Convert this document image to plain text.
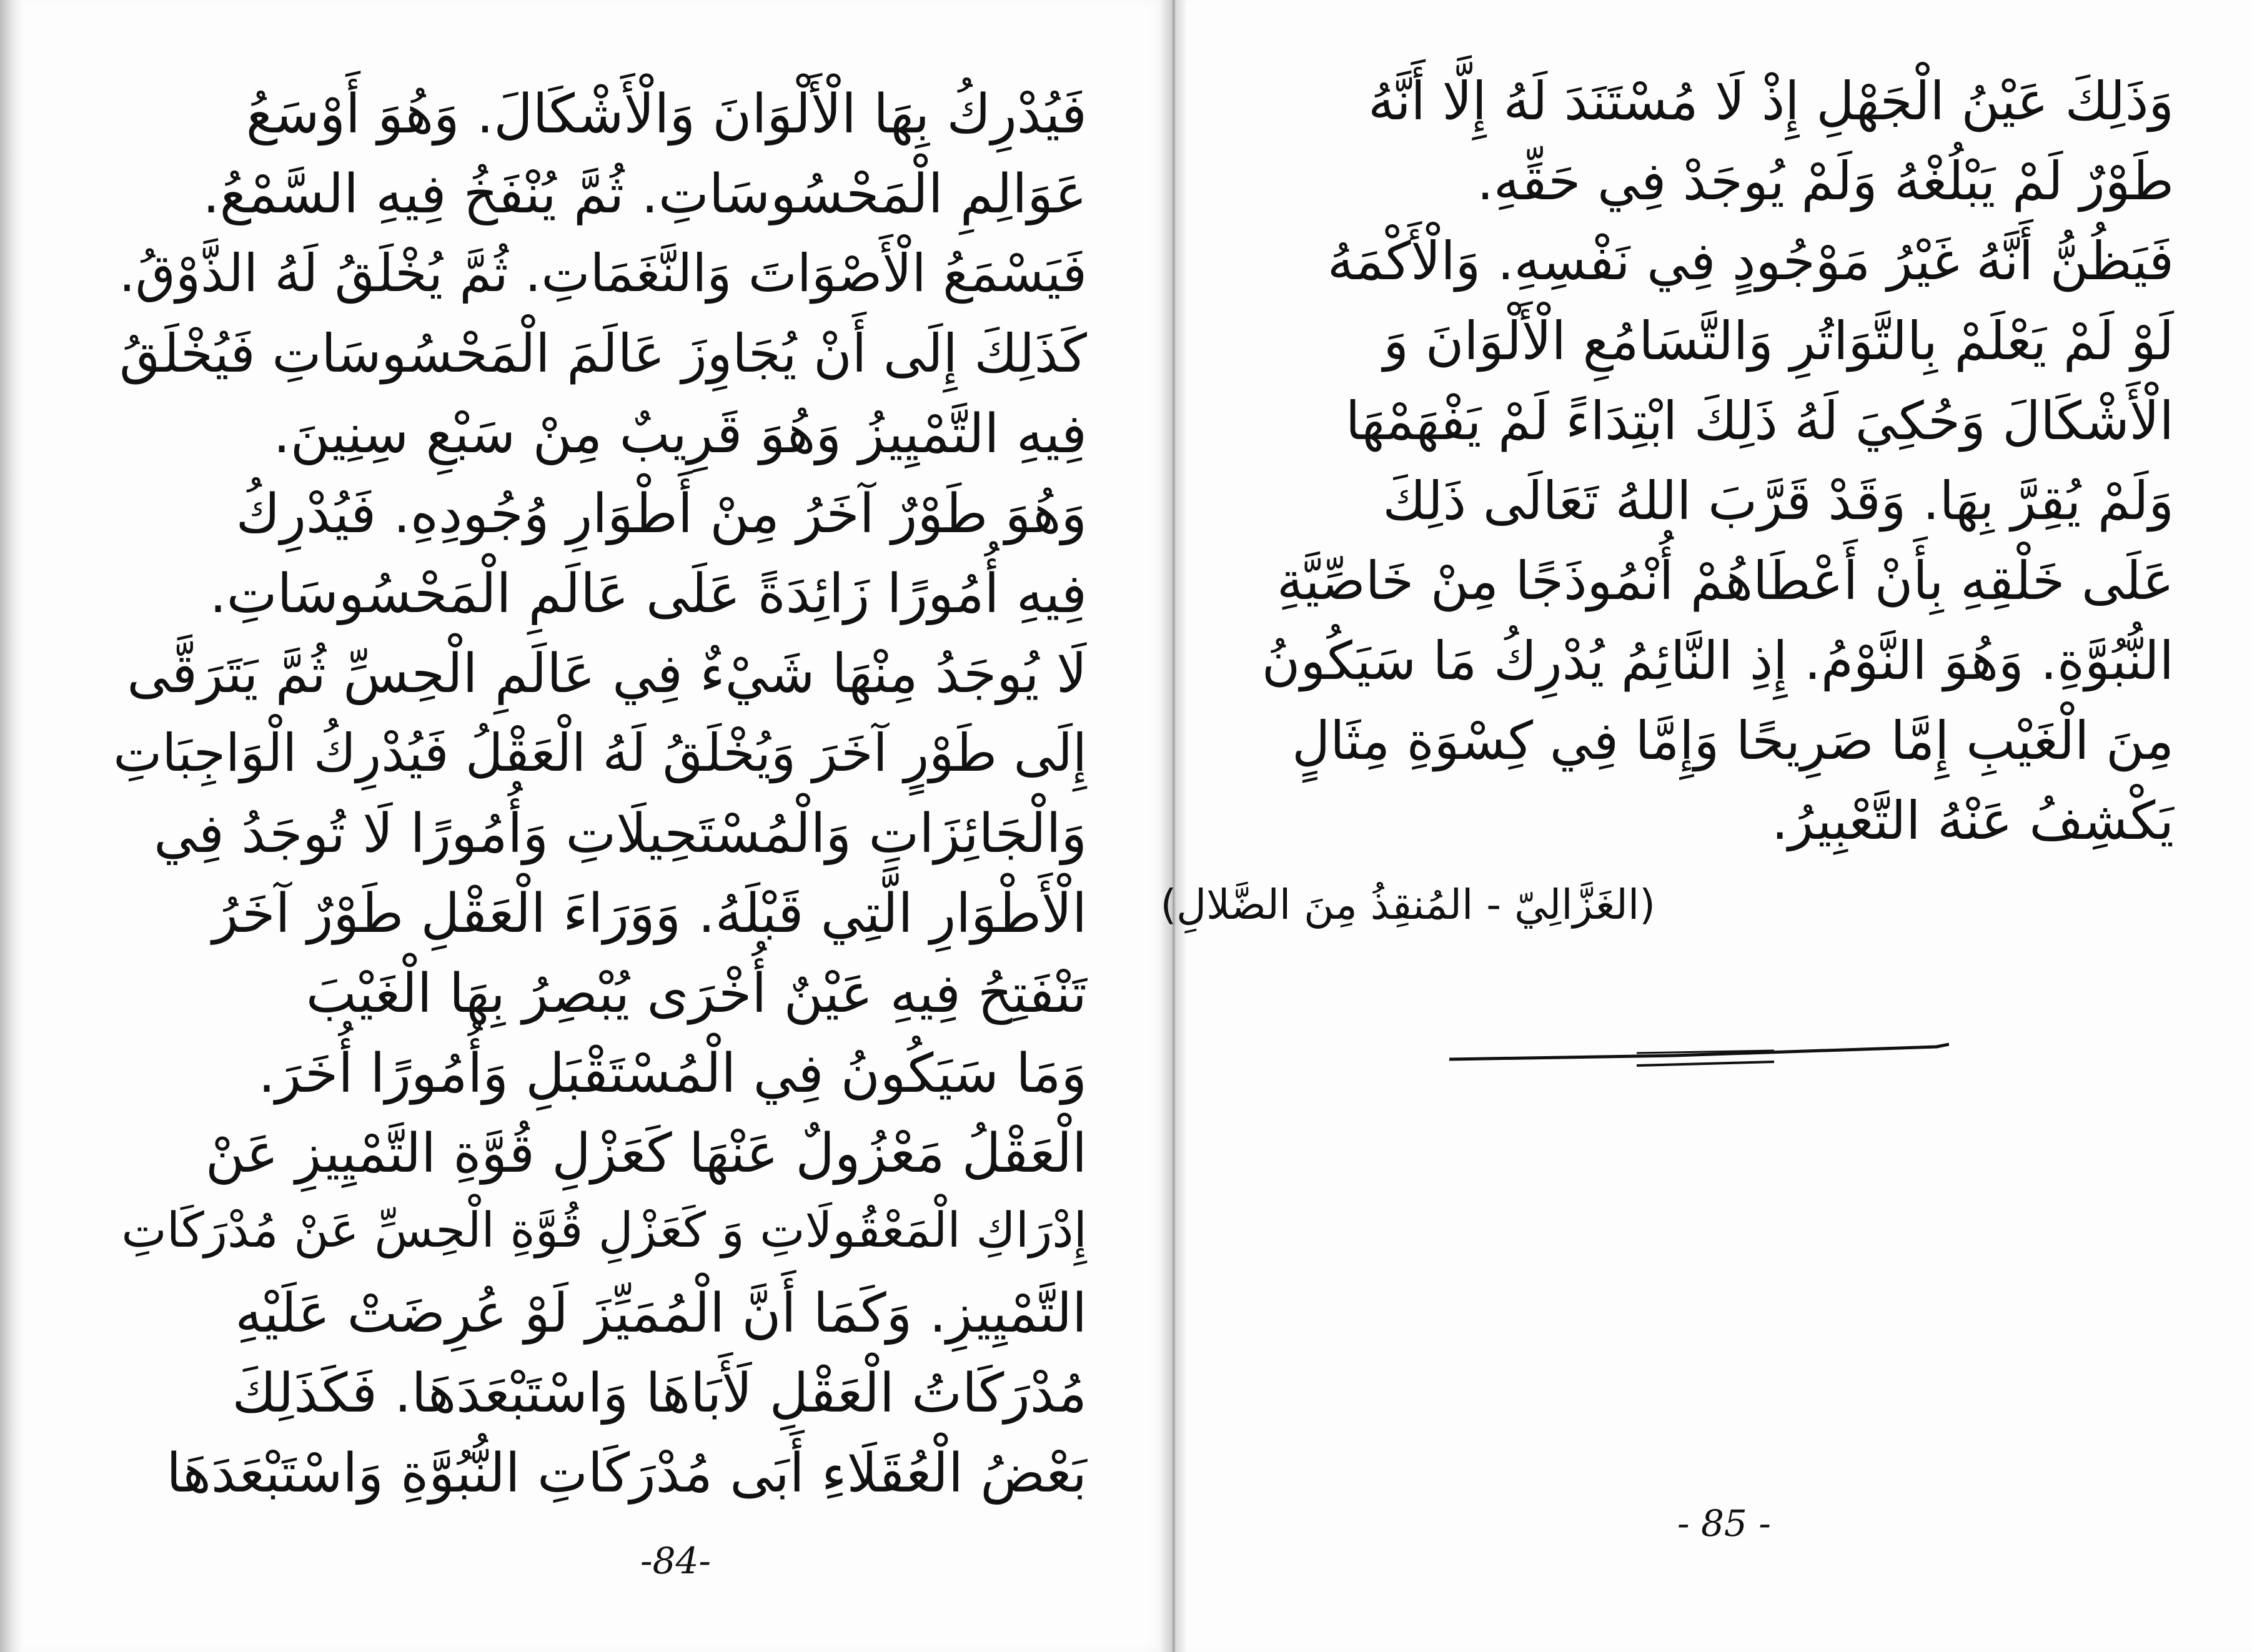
فَيُدْرِكُ بِهَا الْأَلْوَانَ وَالْأَشْكَالَ. وَهُوَ أَوْسَعُ
عَوَالِمِ الْمَحْسُوسَاتِ. ثُمَّ يُنْفَخُ فِيهِ السَّمْعُ.
فَيَسْمَعُ الْأَصْوَاتَ وَالنَّغَمَاتِ. ثُمَّ يُخْلَقُ لَهُ الذَّوْقُ.
كَذَلِكَ إِلَى أَنْ يُجَاوِزَ عَالَمَ الْمَحْسُوسَاتِ فَيُخْلَقُ
فِيهِ التَّمْيِيزُ وَهُوَ قَرِيبٌ مِنْ سَبْعِ سِنِينَ.
وَهُوَ طَوْرٌ آخَرُ مِنْ أَطْوَارِ وُجُودِهِ. فَيُدْرِكُ
فِيهِ أُمُورًا زَائِدَةً عَلَى عَالَمِ الْمَحْسُوسَاتِ.
لَا يُوجَدُ مِنْهَا شَيْءٌ فِي عَالَمِ الْحِسِّ ثُمَّ يَتَرَقَّى
إِلَى طَوْرٍ آخَرَ وَيُخْلَقُ لَهُ الْعَقْلُ فَيُدْرِكُ الْوَاجِبَاتِ
وَالْجَائِزَاتِ وَالْمُسْتَحِيلَاتِ وَأُمُورًا لَا تُوجَدُ فِي
الْأَطْوَارِ الَّتِي قَبْلَهُ. وَوَرَاءَ الْعَقْلِ طَوْرٌ آخَرُ
تَنْفَتِحُ فِيهِ عَيْنٌ أُخْرَى يُبْصِرُ بِهَا الْغَيْبَ
وَمَا سَيَكُونُ فِي الْمُسْتَقْبَلِ وَأُمُورًا أُخَرَ.
الْعَقْلُ مَعْزُولٌ عَنْهَا كَعَزْلِ قُوَّةِ التَّمْيِيزِ عَنْ
إِدْرَاكِ الْمَعْقُولَاتِ وَ كَعَزْلِ قُوَّةِ الْحِسِّ عَنْ مُدْرَكَاتِ
التَّمْيِيزِ. وَكَمَا أَنَّ الْمُمَيِّزَ لَوْ عُرِضَتْ عَلَيْهِ
مُدْرَكَاتُ الْعَقْلِ لَأَبَاهَا وَاسْتَبْعَدَهَا. فَكَذَلِكَ
بَعْضُ الْعُقَلَاءِ أَبَى مُدْرَكَاتِ النُّبُوَّةِ وَاسْتَبْعَدَهَا
-84-
وَذَلِكَ عَيْنُ الْجَهْلِ إِذْ لَا مُسْتَنَدَ لَهُ إِلَّا أَنَّهُ
طَوْرٌ لَمْ يَبْلُغْهُ وَلَمْ يُوجَدْ فِي حَقِّهِ.
فَيَظُنُّ أَنَّهُ غَيْرُ مَوْجُودٍ فِي نَفْسِهِ. وَالْأَكْمَهُ
لَوْ لَمْ يَعْلَمْ بِالتَّوَاتُرِ وَالتَّسَامُعِ الْأَلْوَانَ وَ
الْأَشْكَالَ وَحُكِيَ لَهُ ذَلِكَ ابْتِدَاءً لَمْ يَفْهَمْهَا
وَلَمْ يُقِرَّ بِهَا. وَقَدْ قَرَّبَ اللهُ تَعَالَى ذَلِكَ
عَلَى خَلْقِهِ بِأَنْ أَعْطَاهُمْ أُنْمُوذَجًا مِنْ خَاصِّيَّةِ
النُّبُوَّةِ. وَهُوَ النَّوْمُ. إِذِ النَّائِمُ يُدْرِكُ مَا سَيَكُونُ
مِنَ الْغَيْبِ إِمَّا صَرِيحًا وَإِمَّا فِي كِسْوَةِ مِثَالٍ
يَكْشِفُ عَنْهُ التَّعْبِيرُ.
(الغَزَّالِيّ - المُنقِذُ مِنَ الضَّلالِ)
- 85 -
